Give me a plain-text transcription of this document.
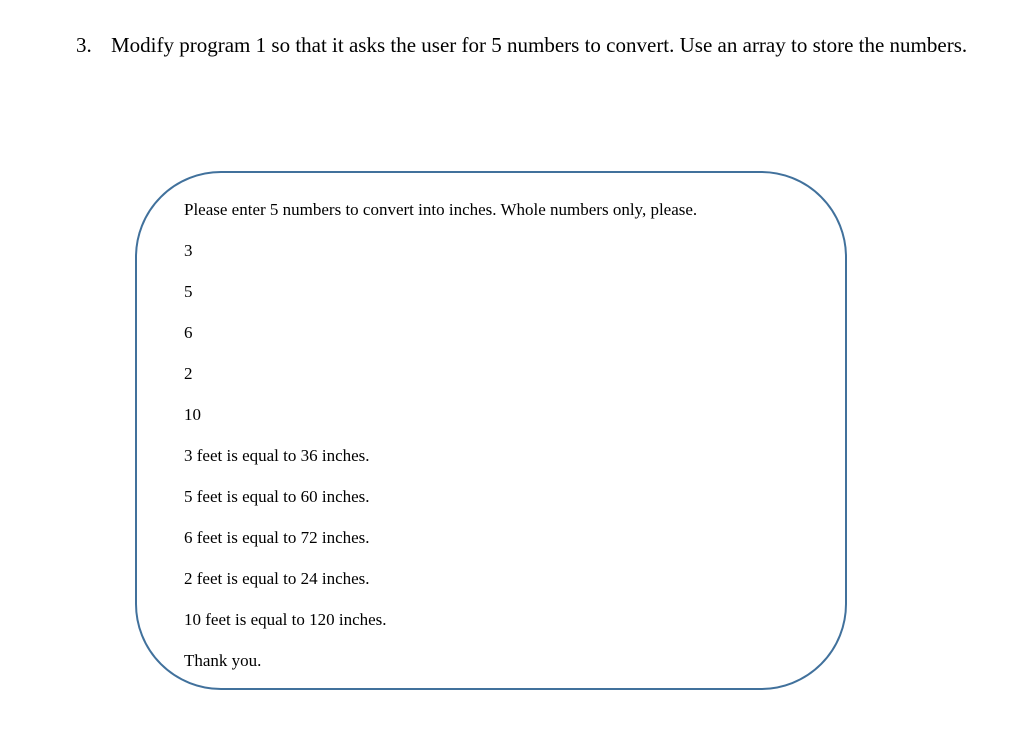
3. Modify program 1 so that it asks the user for 5 numbers to convert. Use an array to store the numbers.
Please enter 5 numbers to convert into inches. Whole numbers only, please.
3
5
6
2
10
3 feet is equal to 36 inches.
5 feet is equal to 60 inches.
6 feet is equal to 72 inches.
2 feet is equal to 24 inches.
10 feet is equal to 120 inches.
Thank you.
